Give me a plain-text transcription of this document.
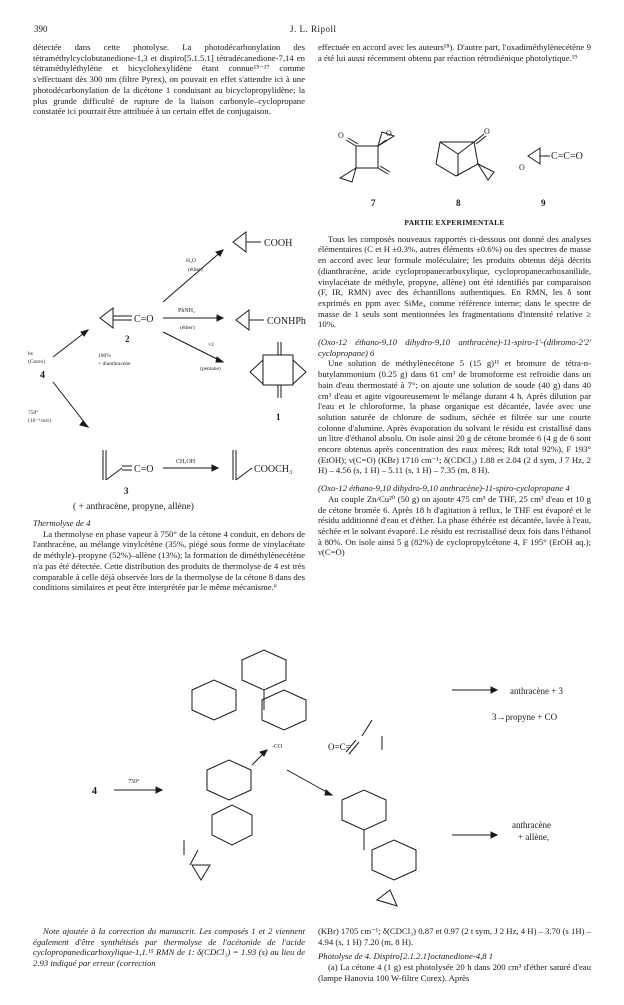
390	J. L. Ripoll

détectée dans cette photolyse. La photodécarbonylation des tétraméthylcyclobutanedione-1,3 et dispiro[5.1.5.1] tétradécanedione-7,14 en tétraméthyléthylène et bicyclohexylidène étant connue¹⁵⁻¹⁷ comme s'effectuant dès 300 nm (filtre Pyrex), on pouvait en effet s'attendre ici à une photodécarbonylation de la dicétone 1 conduisant au bicyclopropylidène; la plus grande difficulté de rupture de la liaison carbonyle–cyclopropane constatée ici pourrait être attribuée à un certain effet de conjugaison.

COOH
H₂O
(éther)
CONHPh
PhNH₂
(éther)
C=O
2
hν
(Corex)
100%
+ dianthracène
×2
(pentane)
4
1
750°
(10⁻³ torr)
C=O
CH₃OH
COOCH₃
3
( + anthracène, propyne, allène)

Thermolyse de 4

La thermolyse en phase vapeur à 750° de la cétone 4 conduit, en dehors de l'anthracène, au mélange vinylcétène (35%, piégé sous forme de vinylacétate de méthyle)–propyne (52%)–allène (13%); la formation de diméthylènecétène n'a pas été détectée. Cette distribution des produits de thermolyse de 4 est très comparable à celle déjà observée lors de la thermolyse de la cétone 8 dans des conditions similaires et peut être interprétée par le même mécanisme.⁶

effectuée en accord avec les auteurs¹⁸). D'autre part, l'oxadiméthylènecétène 9 a été lui aussi récemment obtenu par réaction rétrodiénique photolytique.¹⁹

O
O	O
O
C=C=O
7	8	9

PARTIE EXPERIMENTALE

Tous les composés nouveaux rapportés ci-dessous ont donné des analyses élémentaires (C et H ±0.3%, autres éléments ±0.6%) ou des spectres de masse en accord avec leur formule moléculaire; les produits obtenus déjà décrits (dianthracène, acide cyclopropanecarboxylique, cyclopropanecarboxanilide, vinylacétate de méthyle, propyne, allène) ont été identifiés par comparaison (F, IR, RMN) avec des échantillons authentiques. En RMN, les δ sont exprimés en ppm avec SiMe₄ comme référence interne; dans le spectre de masse de 1 seuls sont mentionnées les fragmentations d'intensité relative ≥ 10%.

(Oxo-12 éthano-9,10 dihydro-9,10 anthracène)-11-spiro-1'-(dibromo-2'2' cyclopropane) 6

Une solution de méthylènecétone 5 (15 g)¹¹ et bromure de tétra-n-butylammonium (0.25 g) dans 61 cm³ de bromoforme est refroidie dans un bain d'eau thermostaté à 7°; on ajoute une solution de soude (40 g) dans 40 cm³ d'eau et agite vigoureusement le mélange durant 4 h. Après dilution par l'eau et le chloroforme, la phase organique est décantée, lavée avec une solution saturée de chlorure de sodium, séchée et filtrée sur une courte colonne d'alumine. Après évaporation du solvant le résidu est cristallisé dans un litre d'éthanol absolu. On isole ainsi 20 g de cétone bromée 6 (4 g de 6 sont encore obtenus après concentration des eaux mères; Rdt total 92%), F 193° (EtOH); ν(C=O) (KBr) 1710 cm⁻¹; δ(CDCl₃) 1.88 et 2.04 (2 d sym, J 7 Hz, 2 H) – 4.56 (s, 1 H) – 5.11 (s, 1 H) – 7.35 (m, 8 H).

(Oxo-12 éthano-9,10 dihydro-9,10 anthracène)-11-spiro-cyclopropane 4

Au couple Zn/Cu²⁰ (50 g) on ajoute 475 cm³ de THF, 25 cm³ d'eau et 10 g de cétone bromée 6. Après 18 h d'agitation à reflux, le THF est évaporé et le résidu additionné d'eau et d'éther. La phase éthérée est décantée, lavée à l'eau, séchée et le solvant évaporé. Le résidu est recristallisé deux fois dans l'éthanol à 80%. On isole ainsi 5 g (82%) de cyclopropylcétone 4, F 195° (EtOH aq.); ν(C=O)

4
750°
-CO	O=C=
anthracène + 3
3→propyne + CO
anthracène
+ allène,

Note ajoutée à la correction du manuscrit. Les composés 1 et 2 viennent également d'être synthétisés par thermolyse de l'acétonide de l'acide cyclopropanedicarboxylique-1,1.¹⁵ RMN de 1: δ(CDCl₃) = 1.93 (s) au lieu de 2.93 indiqué par erreur (correction

(KBr) 1705 cm⁻¹; δ(CDCl₃) 0.87 et 0.97 (2 t sym, J 2 Hz, 4 H) – 3.70 (s 1H) –4.94 (s, 1 H) 7.20 (m, 8 H).

Photolyse de 4. Dispiro[2.1.2.1]octanedione-4,8 1

(a) La cétone 4 (1 g) est photolysée 20 h dans 200 cm³ d'éther saturé d'eau (lampe Hanovia 100 W-filtre Corex). Après
